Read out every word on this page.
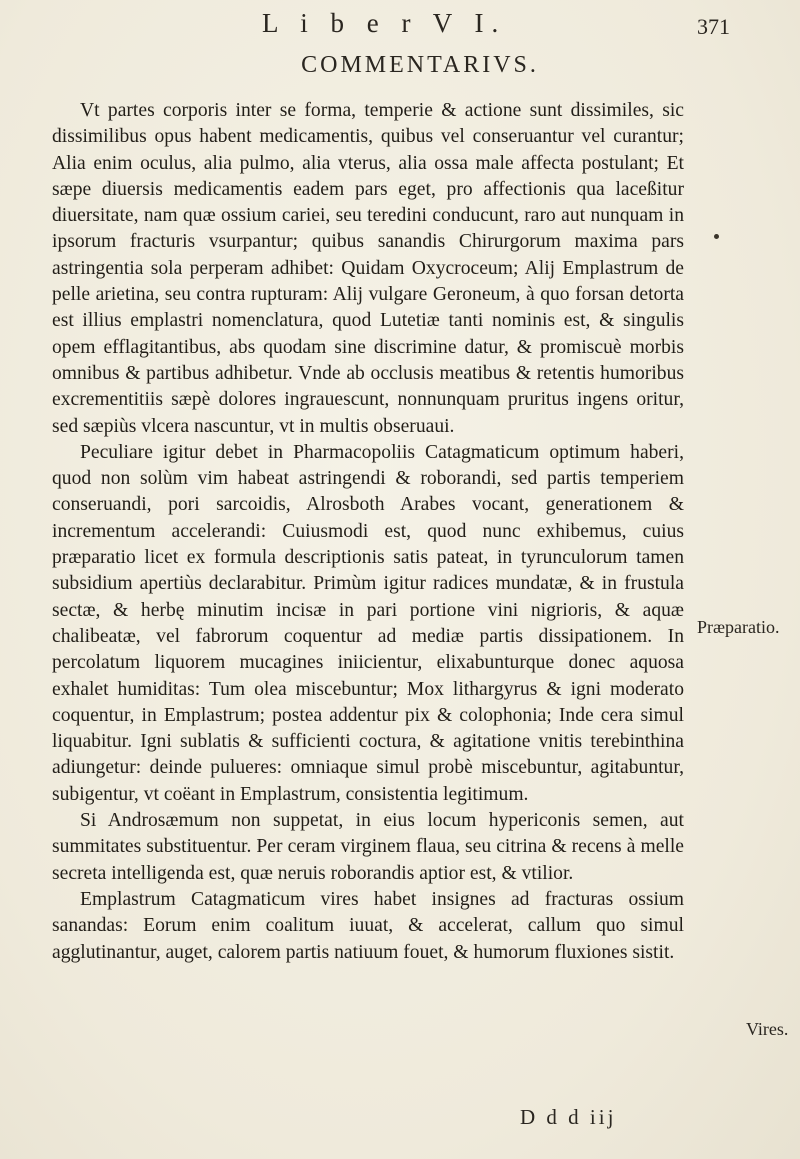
L i b e r V I.	371
COMMENTARIVS.

Vt partes corporis inter se forma, temperie & actione sunt dissimiles, sic dissimilibus opus habent medicamentis, quibus vel conseruantur vel curantur; Alia enim oculus, alia pulmo, alia vterus, alia ossa male affecta postulant; Et sæpe diuersis medicamentis eadem pars eget, pro affectionis qua laceßitur diuersitate, nam quæ ossium cariei, seu teredini conducunt, raro aut nunquam in ipsorum fracturis vsurpantur; quibus sanandis Chirurgorum maxima pars astringentia sola perperam adhibet: Quidam Oxycroceum; Alij Emplastrum de pelle arietina, seu contra rupturam: Alij vulgare Geroneum, à quo forsan detorta est illius emplastri nomenclatura, quod Lutetiæ tanti nominis est, & singulis opem efflagitantibus, abs quodam sine discrimine datur, & promiscuè morbis omnibus & partibus adhibetur. Vnde ab occlusis meatibus & retentis humoribus excrementitiis sæpè dolores ingrauescunt, nonnunquam pruritus ingens oritur, sed sæpiùs vlcera nascuntur, vt in multis obseruaui.

Peculiare igitur debet in Pharmacopoliis Catagmaticum optimum haberi, quod non solùm vim habeat astringendi & roborandi, sed partis temperiem conseruandi, pori sarcoidis, Alrosboth Arabes vocant, generationem & incrementum accelerandi: Cuiusmodi est, quod nunc exhibemus, cuius præparatio licet ex formula descriptionis satis pateat, in tyrunculorum tamen subsidium apertiùs declarabitur. Primùm igitur radices mundatæ, & in frustula sectæ, & herbę minutim incisæ in pari portione vini nigrioris, & aquæ chalibeatæ, vel fabrorum coquentur ad mediæ partis dissipationem. In percolatum liquorem mucagines iniicientur, elixabunturque donec aquosa exhalet humiditas: Tum olea miscebuntur; Mox lithargyrus & igni moderato coquentur, in Emplastrum; postea addentur pix & colophonia; Inde cera simul liquabitur. Igni sublatis & sufficienti coctura, & agitatione vnitis terebinthina adiungetur: deinde pulueres: omniaque simul probè miscebuntur, agitabuntur, subigentur, vt coëant in Emplastrum, consistentia legitimum.

Si Androsæmum non suppetat, in eius locum hypericonis semen, aut summitates substituentur. Per ceram virginem flaua, seu citrina & recens à melle secreta intelligenda est, quæ neruis roborandis aptior est, & vtilior.

Emplastrum Catagmaticum vires habet insignes ad fracturas ossium sanandas: Eorum enim coalitum iuuat, & accelerat, callum quo simul agglutinantur, auget, calorem partis natiuum fouet, & humorum fluxiones sistit.

Præparatio.
Vires.
D d d iij
